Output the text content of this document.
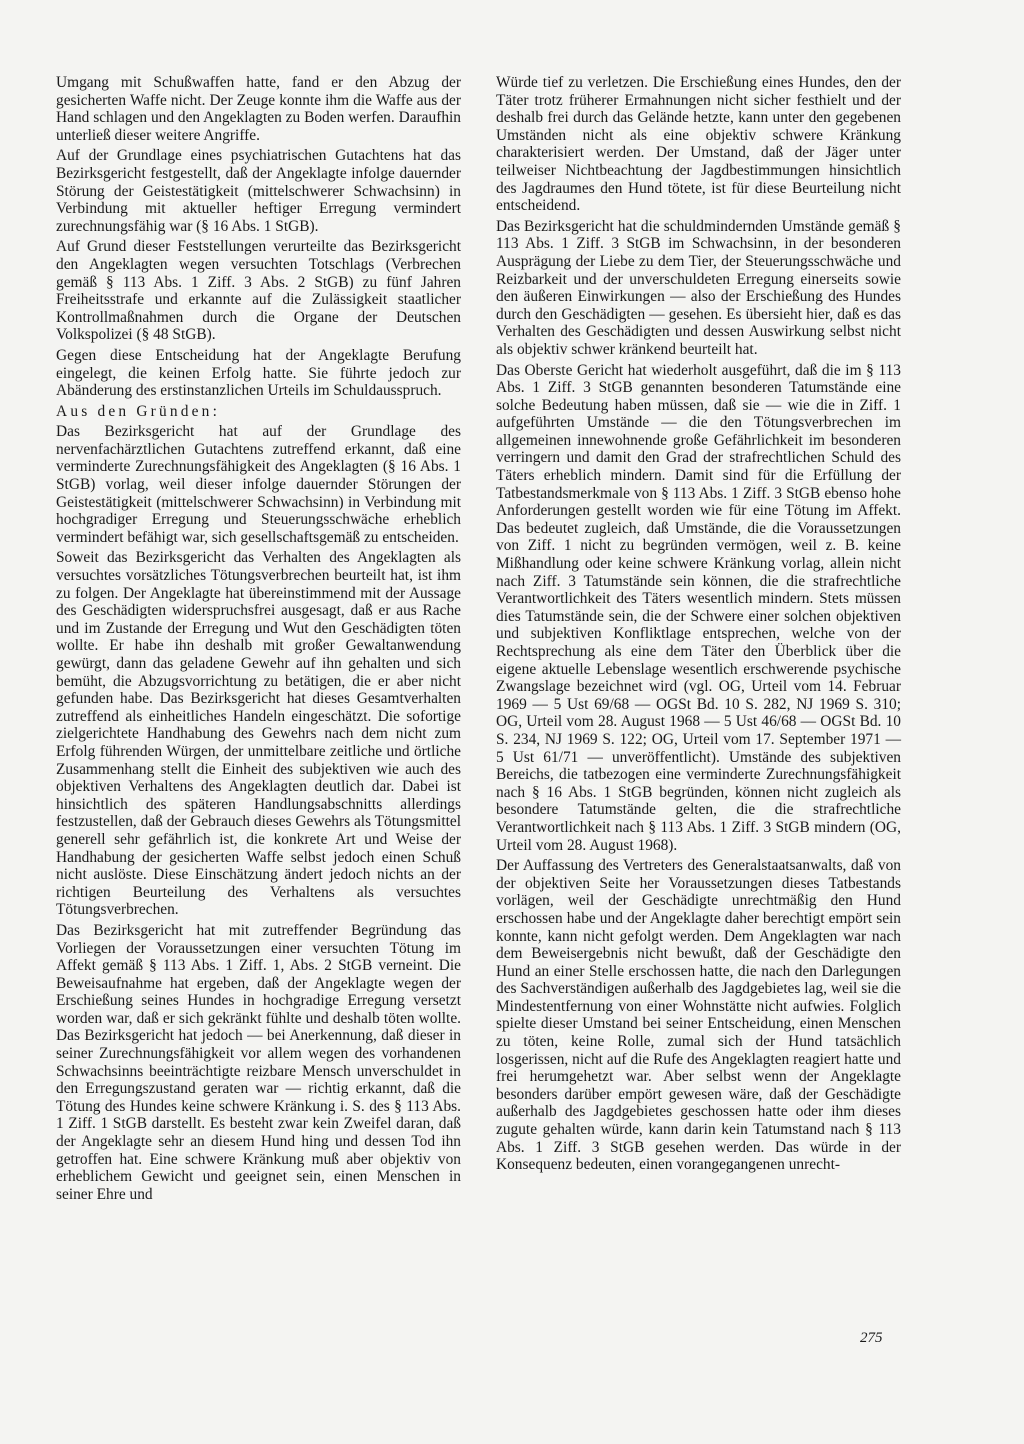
Umgang mit Schußwaffen hatte, fand er den Abzug der gesicherten Waffe nicht. Der Zeuge konnte ihm die Waffe aus der Hand schlagen und den Angeklagten zu Boden werfen. Daraufhin unterließ dieser weitere Angriffe.

Auf der Grundlage eines psychiatrischen Gutachtens hat das Bezirksgericht festgestellt, daß der Angeklagte infolge dauernder Störung der Geistestätigkeit (mittelschwerer Schwachsinn) in Verbindung mit aktueller heftiger Erregung vermindert zurechnungsfähig war (§ 16 Abs. 1 StGB).

Auf Grund dieser Feststellungen verurteilte das Bezirksgericht den Angeklagten wegen versuchten Totschlags (Verbrechen gemäß § 113 Abs. 1 Ziff. 3 Abs. 2 StGB) zu fünf Jahren Freiheitsstrafe und erkannte auf die Zulässigkeit staatlicher Kontrollmaßnahmen durch die Organe der Deutschen Volkspolizei (§ 48 StGB).

Gegen diese Entscheidung hat der Angeklagte Berufung eingelegt, die keinen Erfolg hatte. Sie führte jedoch zur Abänderung des erstinstanzlichen Urteils im Schuldausspruch.

Aus den Gründen:

Das Bezirksgericht hat auf der Grundlage des nervenfachärztlichen Gutachtens zutreffend erkannt, daß eine verminderte Zurechnungsfähigkeit des Angeklagten (§ 16 Abs. 1 StGB) vorlag, weil dieser infolge dauernder Störungen der Geistestätigkeit (mittelschwerer Schwachsinn) in Verbindung mit hochgradiger Erregung und Steuerungsschwäche erheblich vermindert befähigt war, sich gesellschaftsgemäß zu entscheiden.

Soweit das Bezirksgericht das Verhalten des Angeklagten als versuchtes vorsätzliches Tötungsverbrechen beurteilt hat, ist ihm zu folgen. Der Angeklagte hat übereinstimmend mit der Aussage des Geschädigten widerspruchsfrei ausgesagt, daß er aus Rache und im Zustande der Erregung und Wut den Geschädigten töten wollte. Er habe ihn deshalb mit großer Gewaltanwendung gewürgt, dann das geladene Gewehr auf ihn gehalten und sich bemüht, die Abzugsvorrichtung zu betätigen, die er aber nicht gefunden habe. Das Bezirksgericht hat dieses Gesamtverhalten zutreffend als einheitliches Handeln eingeschätzt. Die sofortige zielgerichtete Handhabung des Gewehrs nach dem nicht zum Erfolg führenden Würgen, der unmittelbare zeitliche und örtliche Zusammenhang stellt die Einheit des subjektiven wie auch des objektiven Verhaltens des Angeklagten deutlich dar. Dabei ist hinsichtlich des späteren Handlungsabschnitts allerdings festzustellen, daß der Gebrauch dieses Gewehrs als Tötungsmittel generell sehr gefährlich ist, die konkrete Art und Weise der Handhabung der gesicherten Waffe selbst jedoch einen Schuß nicht auslöste. Diese Einschätzung ändert jedoch nichts an der richtigen Beurteilung des Verhaltens als versuchtes Tötungsverbrechen.

Das Bezirksgericht hat mit zutreffender Begründung das Vorliegen der Voraussetzungen einer versuchten Tötung im Affekt gemäß § 113 Abs. 1 Ziff. 1, Abs. 2 StGB verneint. Die Beweisaufnahme hat ergeben, daß der Angeklagte wegen der Erschießung seines Hundes in hochgradige Erregung versetzt worden war, daß er sich gekränkt fühlte und deshalb töten wollte. Das Bezirksgericht hat jedoch — bei Anerkennung, daß dieser in seiner Zurechnungsfähigkeit vor allem wegen des vorhandenen Schwachsinns beeinträchtigte reizbare Mensch unverschuldet in den Erregungszustand geraten war — richtig erkannt, daß die Tötung des Hundes keine schwere Kränkung i. S. des § 113 Abs. 1 Ziff. 1 StGB darstellt. Es besteht zwar kein Zweifel daran, daß der Angeklagte sehr an diesem Hund hing und dessen Tod ihn getroffen hat. Eine schwere Kränkung muß aber objektiv von erheblichem Gewicht und geeignet sein, einen Menschen in seiner Ehre und

Würde tief zu verletzen. Die Erschießung eines Hundes, den der Täter trotz früherer Ermahnungen nicht sicher festhielt und der deshalb frei durch das Gelände hetzte, kann unter den gegebenen Umständen nicht als eine objektiv schwere Kränkung charakterisiert werden. Der Umstand, daß der Jäger unter teilweiser Nichtbeachtung der Jagdbestimmungen hinsichtlich des Jagdraumes den Hund tötete, ist für diese Beurteilung nicht entscheidend.

Das Bezirksgericht hat die schuldmindernden Umstände gemäß § 113 Abs. 1 Ziff. 3 StGB im Schwachsinn, in der besonderen Ausprägung der Liebe zu dem Tier, der Steuerungsschwäche und Reizbarkeit und der unverschuldeten Erregung einerseits sowie den äußeren Einwirkungen — also der Erschießung des Hundes durch den Geschädigten — gesehen. Es übersieht hier, daß es das Verhalten des Geschädigten und dessen Auswirkung selbst nicht als objektiv schwer kränkend beurteilt hat.

Das Oberste Gericht hat wiederholt ausgeführt, daß die im § 113 Abs. 1 Ziff. 3 StGB genannten besonderen Tatumstände eine solche Bedeutung haben müssen, daß sie — wie die in Ziff. 1 aufgeführten Umstände — die den Tötungsverbrechen im allgemeinen innewohnende große Gefährlichkeit im besonderen verringern und damit den Grad der strafrechtlichen Schuld des Täters erheblich mindern. Damit sind für die Erfüllung der Tatbestandsmerkmale von § 113 Abs. 1 Ziff. 3 StGB ebenso hohe Anforderungen gestellt worden wie für eine Tötung im Affekt. Das bedeutet zugleich, daß Umstände, die die Voraussetzungen von Ziff. 1 nicht zu begründen vermögen, weil z. B. keine Mißhandlung oder keine schwere Kränkung vorlag, allein nicht nach Ziff. 3 Tatumstände sein können, die die strafrechtliche Verantwortlichkeit des Täters wesentlich mindern. Stets müssen dies Tatumstände sein, die der Schwere einer solchen objektiven und subjektiven Konfliktlage entsprechen, welche von der Rechtsprechung als eine dem Täter den Überblick über die eigene aktuelle Lebenslage wesentlich erschwerende psychische Zwangslage bezeichnet wird (vgl. OG, Urteil vom 14. Februar 1969 — 5 Ust 69/68 — OGSt Bd. 10 S. 282, NJ 1969 S. 310; OG, Urteil vom 28. August 1968 — 5 Ust 46/68 — OGSt Bd. 10 S. 234, NJ 1969 S. 122; OG, Urteil vom 17. September 1971 — 5 Ust 61/71 — unveröffentlicht). Umstände des subjektiven Bereichs, die tatbezogen eine verminderte Zurechnungsfähigkeit nach § 16 Abs. 1 StGB begründen, können nicht zugleich als besondere Tatumstände gelten, die die strafrechtliche Verantwortlichkeit nach § 113 Abs. 1 Ziff. 3 StGB mindern (OG, Urteil vom 28. August 1968).

Der Auffassung des Vertreters des Generalstaatsanwalts, daß von der objektiven Seite her Voraussetzungen dieses Tatbestands vorlägen, weil der Geschädigte unrechtmäßig den Hund erschossen habe und der Angeklagte daher berechtigt empört sein konnte, kann nicht gefolgt werden. Dem Angeklagten war nach dem Beweisergebnis nicht bewußt, daß der Geschädigte den Hund an einer Stelle erschossen hatte, die nach den Darlegungen des Sachverständigen außerhalb des Jagdgebietes lag, weil sie die Mindestentfernung von einer Wohnstätte nicht aufwies. Folglich spielte dieser Umstand bei seiner Entscheidung, einen Menschen zu töten, keine Rolle, zumal sich der Hund tatsächlich losgerissen, nicht auf die Rufe des Angeklagten reagiert hatte und frei herumgehetzt war. Aber selbst wenn der Angeklagte besonders darüber empört gewesen wäre, daß der Geschädigte außerhalb des Jagdgebietes geschossen hatte oder ihm dieses zugute gehalten würde, kann darin kein Tatumstand nach § 113 Abs. 1 Ziff. 3 StGB gesehen werden. Das würde in der Konsequenz bedeuten, einen vorangegangenen unrecht-

275
